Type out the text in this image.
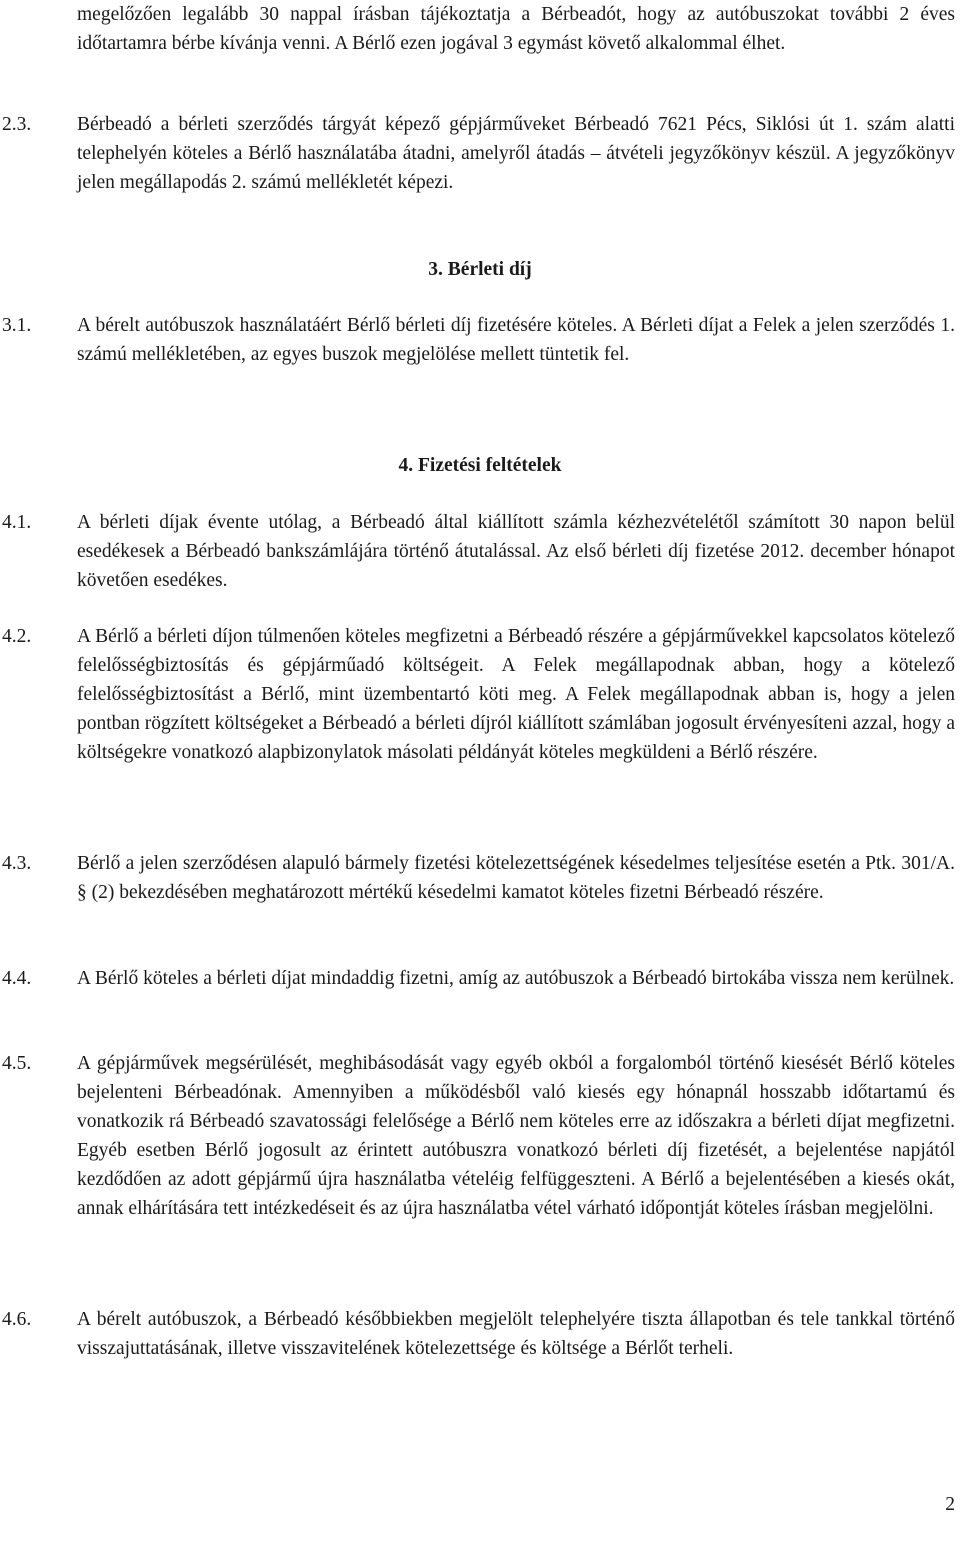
megelőzően legalább 30 nappal írásban tájékoztatja a Bérbeadót, hogy az autóbuszokat további 2 éves időtartamra bérbe kívánja venni. A Bérlő ezen jogával 3 egymást követő alkalommal élhet.
2.3.	Bérbeadó a bérleti szerződés tárgyát képező gépjárműveket Bérbeadó 7621 Pécs, Siklósi út 1. szám alatti telephelyén köteles a Bérlő használatába átadni, amelyről átadás – átvételi jegyzőkönyv készül. A jegyzőkönyv jelen megállapodás 2. számú mellékletét képezi.
3. Bérleti díj
3.1.	A bérelt autóbuszok használatáért Bérlő bérleti díj fizetésére köteles. A Bérleti díjat a Felek a jelen szerződés 1. számú mellékletében, az egyes buszok megjelölése mellett tüntetik fel.
4. Fizetési feltételek
4.1.	A bérleti díjak évente utólag, a Bérbeadó által kiállított számla kézhezvételétől számított 30 napon belül esedékesek a Bérbeadó bankszámlájára történő átutalással. Az első bérleti díj fizetése 2012. december hónapot követően esedékes.
4.2.	A Bérlő a bérleti díjon túlmenően köteles megfizetni a Bérbeadó részére a gépjárművekkel kapcsolatos kötelező felelősségbiztosítás és gépjárműadó költségeit. A Felek megállapodnak abban, hogy a kötelező felelősségbiztosítást a Bérlő, mint üzembentartó köti meg. A Felek megállapodnak abban is, hogy a jelen pontban rögzített költségeket a Bérbeadó a bérleti díjról kiállított számlában jogosult érvényesíteni azzal, hogy a költségekre vonatkozó alapbizonylatok másolati példányát köteles megküldeni a Bérlő részére.
4.3.	Bérlő a jelen szerződésen alapuló bármely fizetési kötelezettségének késedelmes teljesítése esetén a Ptk. 301/A. § (2) bekezdésében meghatározott mértékű késedelmi kamatot köteles fizetni Bérbeadó részére.
4.4.	A Bérlő köteles a bérleti díjat mindaddig fizetni, amíg az autóbuszok a Bérbeadó birtokába vissza nem kerülnek.
4.5.	A gépjárművek megsérülését, meghibásodását vagy egyéb okból a forgalomból történő kiesését Bérlő köteles bejelenteni Bérbeadónak. Amennyiben a működésből való kiesés egy hónapnál hosszabb időtartamú és vonatkozik rá Bérbeadó szavatossági felelősége a Bérlő nem köteles erre az időszakra a bérleti díjat megfizetni. Egyéb esetben Bérlő jogosult az érintett autóbuszra vonatkozó bérleti díj fizetését, a bejelentése napjától kezdődően az adott gépjármű újra használatba vételéig felfüggeszteni. A Bérlő a bejelentésében a kiesés okát, annak elhárítására tett intézkedéseit és az újra használatba vétel várható időpontját köteles írásban megjelölni.
4.6.	A bérelt autóbuszok, a Bérbeadó későbbiekben megjelölt telephelyére tiszta állapotban és tele tankkal történő visszajuttatásának, illetve visszavitelének kötelezettsége és költsége a Bérlőt terheli.
2
